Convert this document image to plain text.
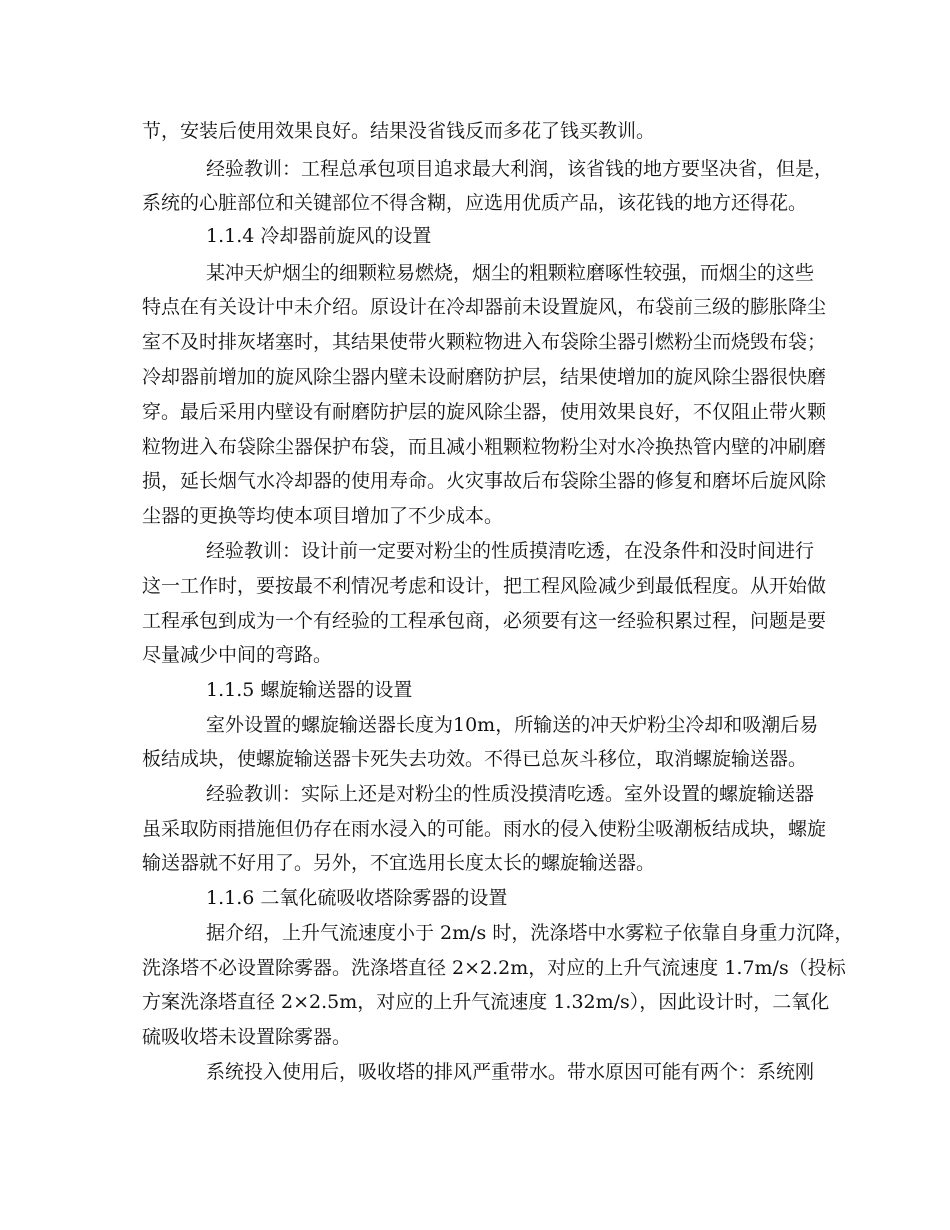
节，安装后使用效果良好。结果没省钱反而多花了钱买教训。
经验教训：工程总承包项目追求最大利润，该省钱的地方要坚决省，但是，
系统的心脏部位和关键部位不得含糊，应选用优质产品，该花钱的地方还得花。
1.1.4 冷却器前旋风的设置
某冲天炉烟尘的细颗粒易燃烧，烟尘的粗颗粒磨啄性较强，而烟尘的这些
特点在有关设计中未介绍。原设计在冷却器前未设置旋风，布袋前三级的膨胀降尘
室不及时排灰堵塞时，其结果使带火颗粒物进入布袋除尘器引燃粉尘而烧毁布袋；
冷却器前增加的旋风除尘器内壁未设耐磨防护层，结果使增加的旋风除尘器很快磨
穿。最后采用内壁设有耐磨防护层的旋风除尘器，使用效果良好，不仅阻止带火颗
粒物进入布袋除尘器保护布袋，而且减小粗颗粒物粉尘对水冷换热管内壁的冲刷磨
损，延长烟气水冷却器的使用寿命。火灾事故后布袋除尘器的修复和磨坏后旋风除
尘器的更换等均使本项目增加了不少成本。
经验教训：设计前一定要对粉尘的性质摸清吃透，在没条件和没时间进行
这一工作时，要按最不利情况考虑和设计，把工程风险减少到最低程度。从开始做
工程承包到成为一个有经验的工程承包商，必须要有这一经验积累过程，问题是要
尽量减少中间的弯路。
1.1.5 螺旋输送器的设置
室外设置的螺旋输送器长度为10m，所输送的冲天炉粉尘冷却和吸潮后易
板结成块，使螺旋输送器卡死失去功效。不得已总灰斗移位，取消螺旋输送器。
经验教训：实际上还是对粉尘的性质没摸清吃透。室外设置的螺旋输送器
虽采取防雨措施但仍存在雨水浸入的可能。雨水的侵入使粉尘吸潮板结成块，螺旋
输送器就不好用了。另外，不宜选用长度太长的螺旋输送器。
1.1.6 二氧化硫吸收塔除雾器的设置
据介绍，上升气流速度小于 2m/s 时，洗涤塔中水雾粒子依靠自身重力沉降，
洗涤塔不必设置除雾器。洗涤塔直径 2×2.2m，对应的上升气流速度 1.7m/s（投标
方案洗涤塔直径 2×2.5m，对应的上升气流速度 1.32m/s），因此设计时，二氧化
硫吸收塔未设置除雾器。
系统投入使用后，吸收塔的排风严重带水。带水原因可能有两个：系统刚
